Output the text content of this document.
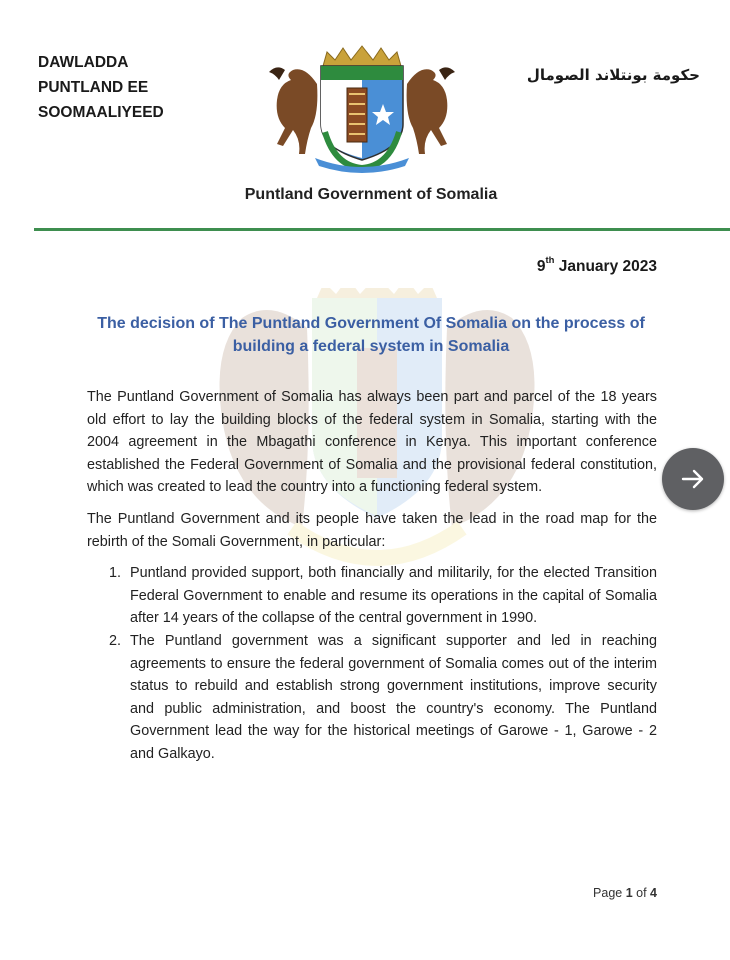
DAWLADDA
PUNTLAND EE
SOOMAALIYEED
حكومة بونتلاند الصومال
Puntland Government of Somalia
9th January 2023
The decision of The Puntland Government Of Somalia on the process of building a federal system in Somalia

The Puntland Government of Somalia has always been part and parcel of the 18 years old effort to lay the building blocks of the federal system in Somalia, starting with the 2004 agreement in the Mbagathi conference in Kenya. This important conference established the Federal Government of Somalia and the provisional federal constitution, which was created to lead the country into a functioning federal system.

The Puntland Government and its people have taken the lead in the road map for the rebirth of the Somali Government, in particular:

1. Puntland provided support, both financially and militarily, for the elected Transition Federal Government to enable and resume its operations in the capital of Somalia after 14 years of the collapse of the central government in 1990.
2. The Puntland government was a significant supporter and led in reaching agreements to ensure the federal government of Somalia comes out of the interim status to rebuild and establish strong government institutions, improve security and public administration, and boost the country's economy. The Puntland Government lead the way for the historical meetings of Garowe - 1, Garowe - 2 and Galkayo.
Page 1 of 4
